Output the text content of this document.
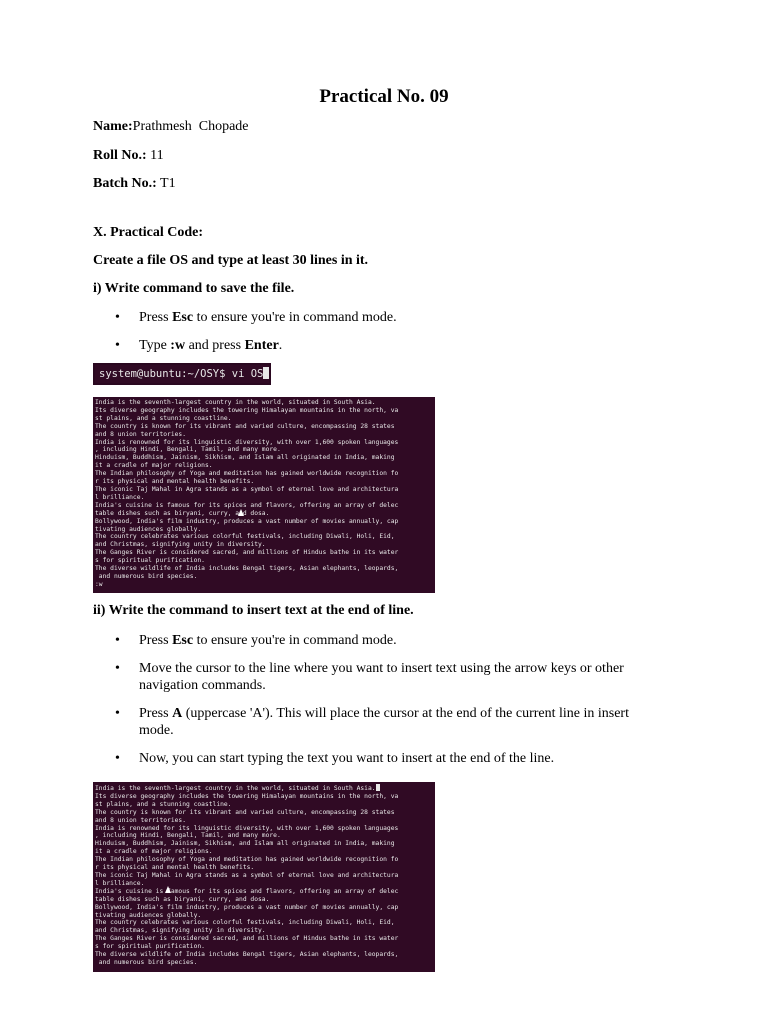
Practical No. 09
Name:Prathmesh  Chopade
Roll No.: 11
Batch No.: T1
X. Practical Code:
Create a file OS and type at least 30 lines in it.
i) Write command to save the file.
• Press Esc to ensure you're in command mode.
• Type :w and press Enter.
system@ubuntu:~/OSY$ vi OS
India is the seventh-largest country in the world, situated in South Asia.
Its diverse geography includes the towering Himalayan mountains in the north, va
st plains, and a stunning coastline.
The country is known for its vibrant and varied culture, encompassing 28 states
and 8 union territories.
India is renowned for its linguistic diversity, with over 1,600 spoken languages
, including Hindi, Bengali, Tamil, and many more.
Hinduism, Buddhism, Jainism, Sikhism, and Islam all originated in India, making
it a cradle of major religions.
The Indian philosophy of Yoga and meditation has gained worldwide recognition fo
r its physical and mental health benefits.
The iconic Taj Mahal in Agra stands as a symbol of eternal love and architectura
l brilliance.
India's cuisine is famous for its spices and flavors, offering an array of delec
table dishes such as biryani, curry, and dosa.
Bollywood, India's film industry, produces a vast number of movies annually, cap
tivating audiences globally.
The country celebrates various colorful festivals, including Diwali, Holi, Eid,
and Christmas, signifying unity in diversity.
The Ganges River is considered sacred, and millions of Hindus bathe in its water
s for spiritual purification.
The diverse wildlife of India includes Bengal tigers, Asian elephants, leopards,
and numerous bird species.
:w
ii) Write the command to insert text at the end of line.
• Press Esc to ensure you're in command mode.
• Move the cursor to the line where you want to insert text using the arrow keys or other navigation commands.
• Press A (uppercase 'A'). This will place the cursor at the end of the current line in insert mode.
• Now, you can start typing the text you want to insert at the end of the line.
India is the seventh-largest country in the world, situated in South Asia.
Its diverse geography includes the towering Himalayan mountains in the north, va
st plains, and a stunning coastline.
The country is known for its vibrant and varied culture, encompassing 28 states
and 8 union territories.
India is renowned for its linguistic diversity, with over 1,600 spoken languages
, including Hindi, Bengali, Tamil, and many more.
Hinduism, Buddhism, Jainism, Sikhism, and Islam all originated in India, making
it a cradle of major religions.
The Indian philosophy of Yoga and meditation has gained worldwide recognition fo
r its physical and mental health benefits.
The iconic Taj Mahal in Agra stands as a symbol of eternal love and architectura
l brilliance.
India's cuisine is famous for its spices and flavors, offering an array of delec
table dishes such as biryani, curry, and dosa.
Bollywood, India's film industry, produces a vast number of movies annually, cap
tivating audiences globally.
The country celebrates various colorful festivals, including Diwali, Holi, Eid,
and Christmas, signifying unity in diversity.
The Ganges River is considered sacred, and millions of Hindus bathe in its water
s for spiritual purification.
The diverse wildlife of India includes Bengal tigers, Asian elephants, leopards,
and numerous bird species.
